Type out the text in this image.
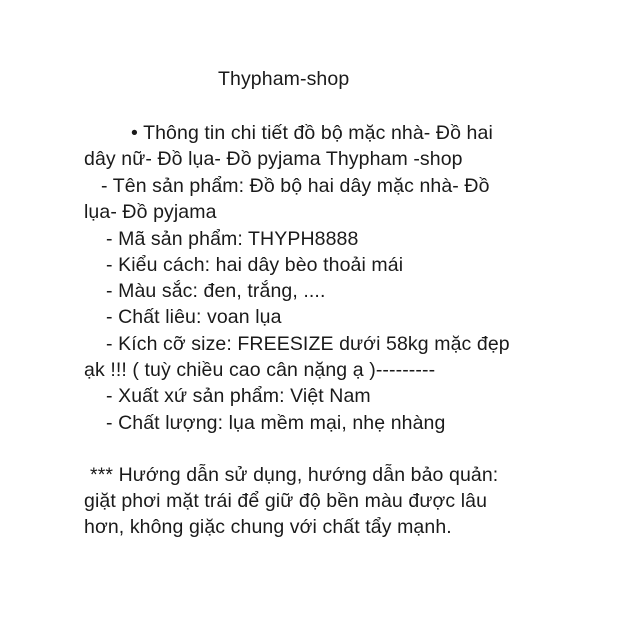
Thypham-shop
• Thông tin chi tiết đồ bộ mặc nhà- Đồ hai
dây nữ- Đồ lụa- Đồ pyjama Thypham -shop
- Tên sản phẩm: Đồ bộ hai dây mặc nhà- Đồ
lụa- Đồ pyjama
- Mã sản phẩm: THYPH8888
- Kiểu cách: hai dây bèo thoải mái
- Màu sắc: đen, trắng, ....
- Chất liêu: voan lụa
- Kích cỡ size: FREESIZE dưới 58kg mặc đẹp
ạk !!! ( tuỳ chiều cao cân nặng ạ )---------
- Xuất xứ sản phẩm: Việt Nam
- Chất lượng: lụa mềm mại, nhẹ nhàng
*** Hướng dẫn sử dụng, hướng dẫn bảo quản:
giặt phơi mặt trái để giữ độ bền màu được lâu
hơn, không giặc chung với chất tẩy mạnh.
